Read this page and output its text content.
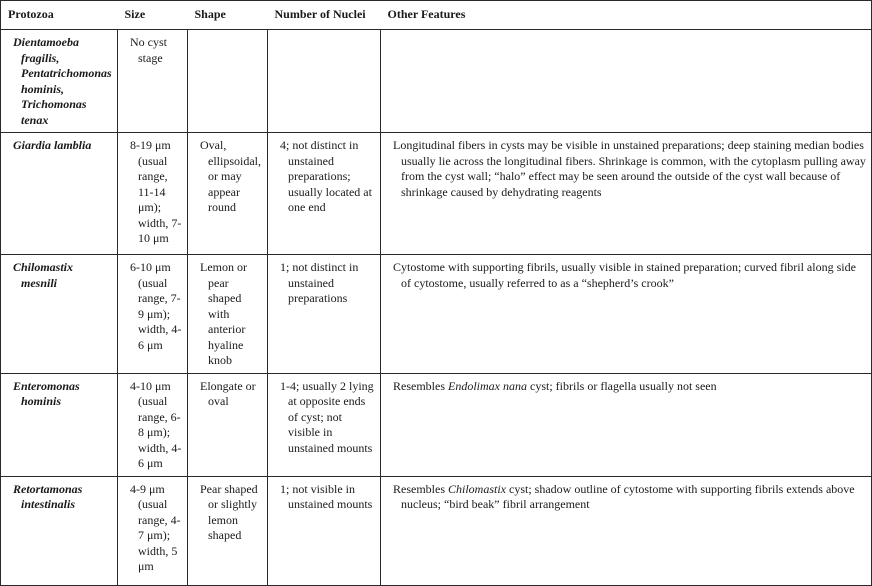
Protozoa	Size	Shape	Number of Nuclei	Other Features

Dientamoeba fragilis, Pentatrichomonas hominis, Trichomonas tenax	No cyst stage			

Giardia lamblia	8-19 μm (usual range, 11-14 μm); width, 7-10 μm	Oval, ellipsoidal, or may appear round	4; not distinct in unstained preparations; usually located at one end	Longitudinal fibers in cysts may be visible in unstained preparations; deep staining median bodies usually lie across the longitudinal fibers. Shrinkage is common, with the cytoplasm pulling away from the cyst wall; “halo” effect may be seen around the outside of the cyst wall because of shrinkage caused by dehydrating reagents

Chilomastix mesnili	6-10 μm (usual range, 7-9 μm); width, 4-6 μm	Lemon or pear shaped with anterior hyaline knob	1; not distinct in unstained preparations	Cytostome with supporting fibrils, usually visible in stained preparation; curved fibril along side of cytostome, usually referred to as a “shepherd’s crook”

Enteromonas hominis	4-10 μm (usual range, 6-8 μm); width, 4-6 μm	Elongate or oval	1-4; usually 2 lying at opposite ends of cyst; not visible in unstained mounts	Resembles Endolimax nana cyst; fibrils or flagella usually not seen

Retortamonas intestinalis	4-9 μm (usual range, 4-7 μm); width, 5 μm	Pear shaped or slightly lemon shaped	1; not visible in unstained mounts	Resembles Chilomastix cyst; shadow outline of cytostome with supporting fibrils extends above nucleus; “bird beak” fibril arrangement
